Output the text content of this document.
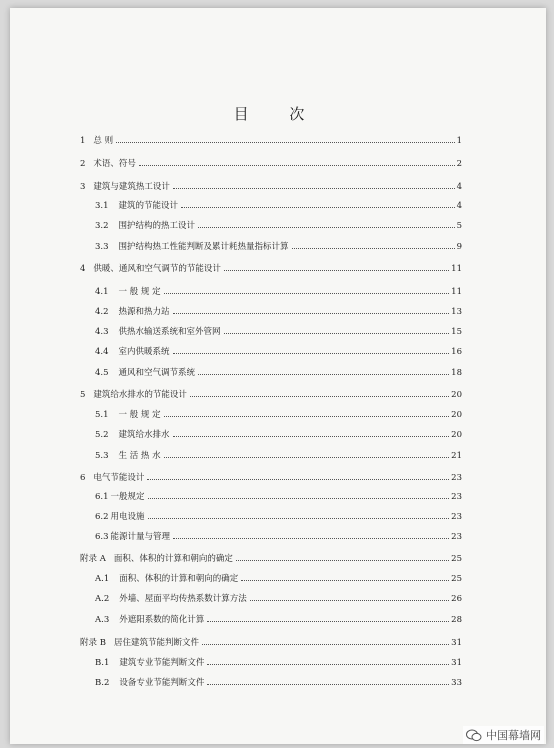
目 次
1 总 则	1
2 术语、符号	2
3 建筑与建筑热工设计	4
3.1 建筑的节能设计	4
3.2 围护结构的热工设计	5
3.3 围护结构热工性能判断及累计耗热量指标计算	9
4 供暖、通风和空气调节的节能设计	11
4.1 一 般 规 定	11
4.2 热源和热力站	13
4.3 供热水输送系统和室外管网	15
4.4 室内供暖系统	16
4.5 通风和空气调节系统	18
5 建筑给水排水的节能设计	20
5.1 一 般 规 定	20
5.2 建筑给水排水	20
5.3 生 活 热 水	21
6 电气节能设计	23
6.1 一般规定	23
6.2 用电设施	23
6.3 能源计量与管理	23
附录 A 面积、体积的计算和朝向的确定	25
A.1 面积、体积的计算和朝向的确定	25
A.2 外墙、屋面平均传热系数计算方法	26
A.3 外遮阳系数的简化计算	28
附录 B 居住建筑节能判断文件	31
B.1 建筑专业节能判断文件	31
B.2 设备专业节能判断文件	33
中国幕墙网
